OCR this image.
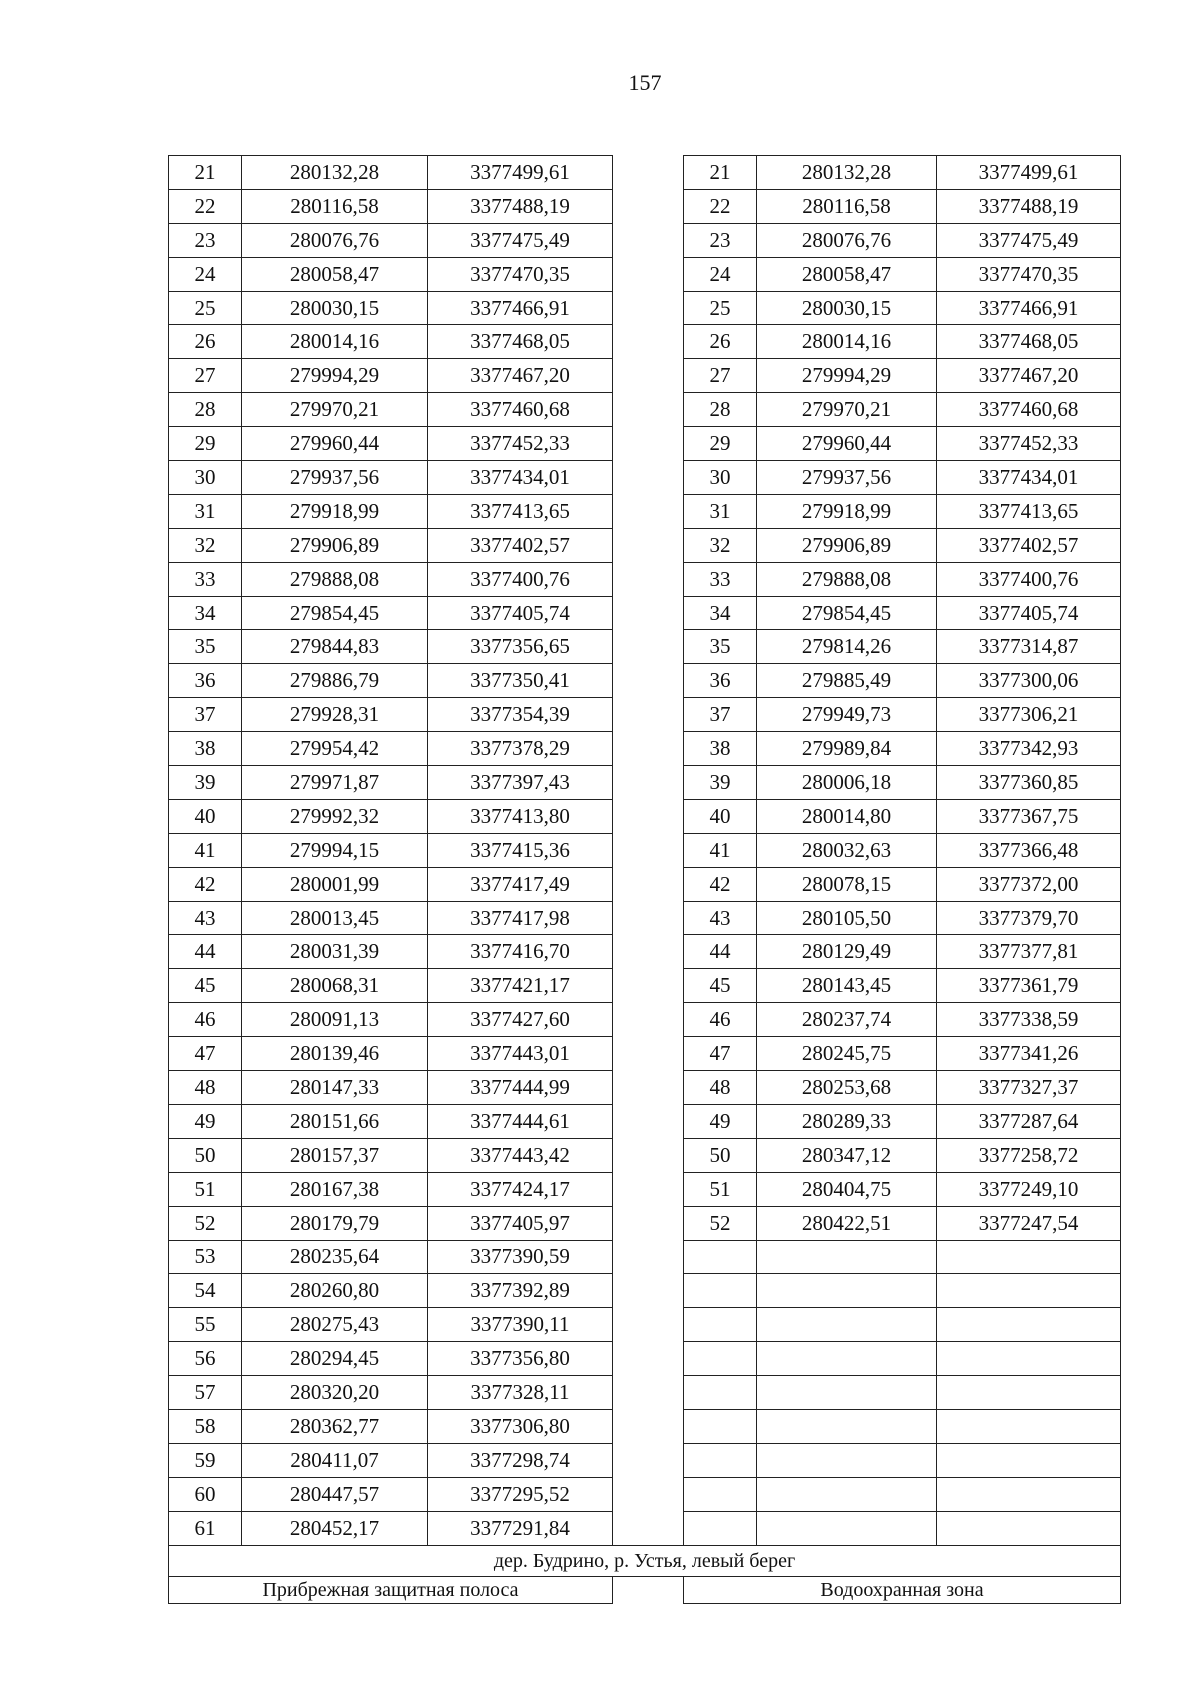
157
21	280132,28	3377499,61		21	280132,28	3377499,61
22	280116,58	3377488,19		22	280116,58	3377488,19
23	280076,76	3377475,49		23	280076,76	3377475,49
24	280058,47	3377470,35		24	280058,47	3377470,35
25	280030,15	3377466,91		25	280030,15	3377466,91
26	280014,16	3377468,05		26	280014,16	3377468,05
27	279994,29	3377467,20		27	279994,29	3377467,20
28	279970,21	3377460,68		28	279970,21	3377460,68
29	279960,44	3377452,33		29	279960,44	3377452,33
30	279937,56	3377434,01		30	279937,56	3377434,01
31	279918,99	3377413,65		31	279918,99	3377413,65
32	279906,89	3377402,57		32	279906,89	3377402,57
33	279888,08	3377400,76		33	279888,08	3377400,76
34	279854,45	3377405,74		34	279854,45	3377405,74
35	279844,83	3377356,65		35	279814,26	3377314,87
36	279886,79	3377350,41		36	279885,49	3377300,06
37	279928,31	3377354,39		37	279949,73	3377306,21
38	279954,42	3377378,29		38	279989,84	3377342,93
39	279971,87	3377397,43		39	280006,18	3377360,85
40	279992,32	3377413,80		40	280014,80	3377367,75
41	279994,15	3377415,36		41	280032,63	3377366,48
42	280001,99	3377417,49		42	280078,15	3377372,00
43	280013,45	3377417,98		43	280105,50	3377379,70
44	280031,39	3377416,70		44	280129,49	3377377,81
45	280068,31	3377421,17		45	280143,45	3377361,79
46	280091,13	3377427,60		46	280237,74	3377338,59
47	280139,46	3377443,01		47	280245,75	3377341,26
48	280147,33	3377444,99		48	280253,68	3377327,37
49	280151,66	3377444,61		49	280289,33	3377287,64
50	280157,37	3377443,42		50	280347,12	3377258,72
51	280167,38	3377424,17		51	280404,75	3377249,10
52	280179,79	3377405,97		52	280422,51	3377247,54
53	280235,64	3377390,59				
54	280260,80	3377392,89				
55	280275,43	3377390,11				
56	280294,45	3377356,80				
57	280320,20	3377328,11				
58	280362,77	3377306,80				
59	280411,07	3377298,74				
60	280447,57	3377295,52				
61	280452,17	3377291,84				
дер. Будрино, р. Устья, левый берег						
Прибрежная защитная полоса				Водоохранная зона		
